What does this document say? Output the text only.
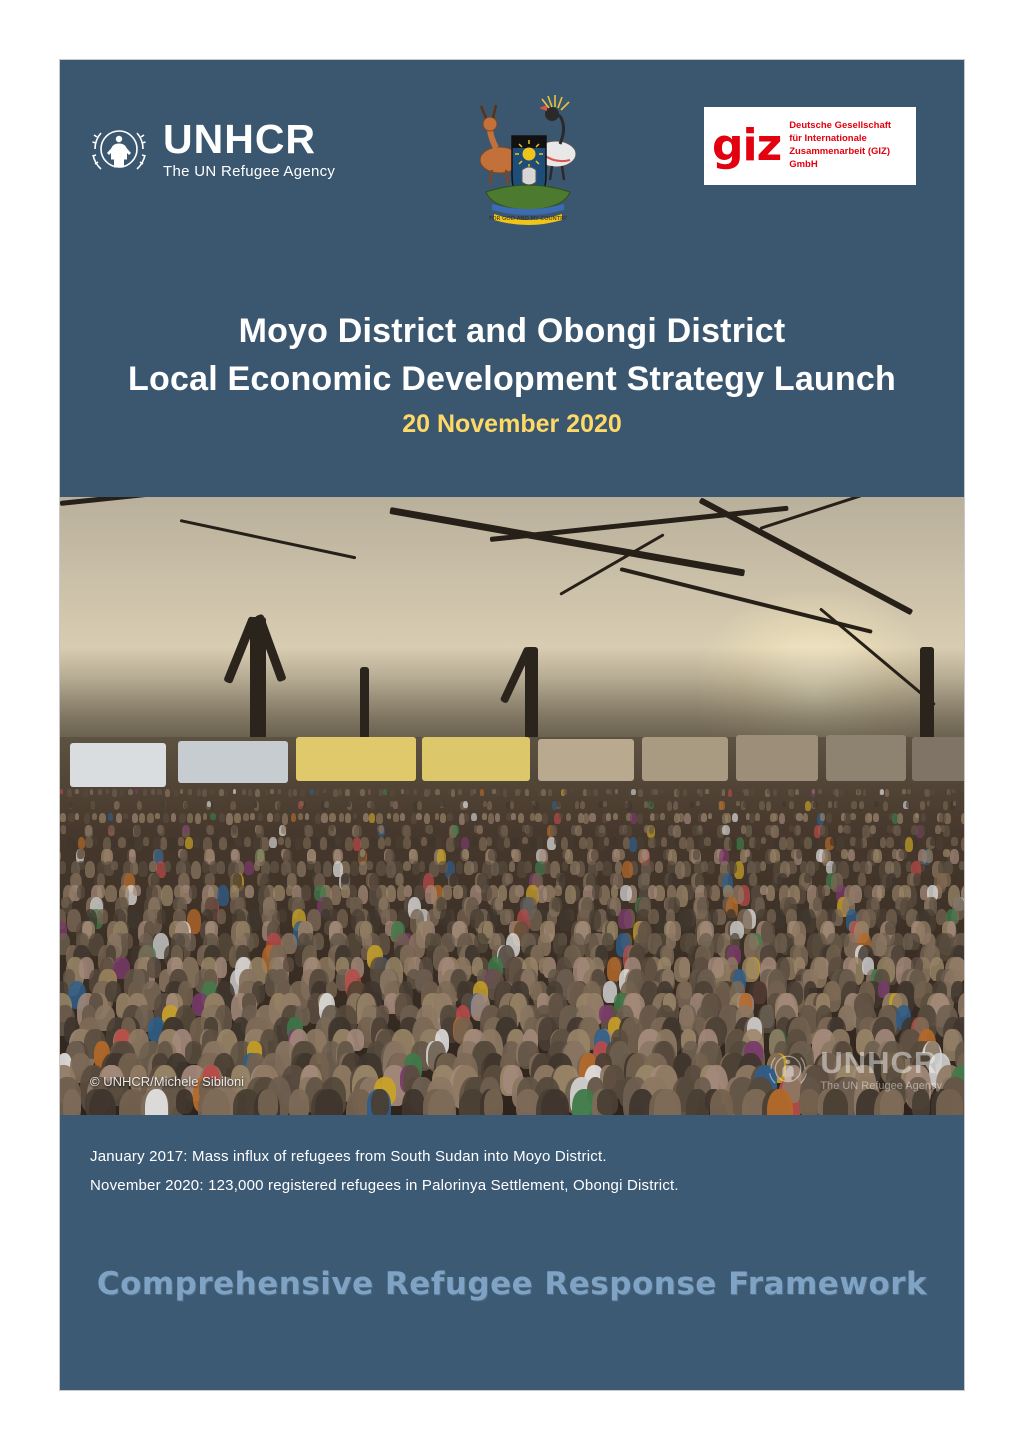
UNHCR
The UN Refugee Agency
FOR GOD AND MY COUNTRY
giz Deutsche Gesellschaft
für Internationale
Zusammenarbeit (GIZ) GmbH
Moyo District and Obongi District
Local Economic Development Strategy Launch
20 November 2020
© UNHCR/Michele Sibiloni
UNHCR
The UN Refugee Agency
January 2017: Mass influx of refugees from South Sudan into Moyo District.
November 2020: 123,000 registered refugees in Palorinya Settlement, Obongi District.
Comprehensive Refugee Response Framework
